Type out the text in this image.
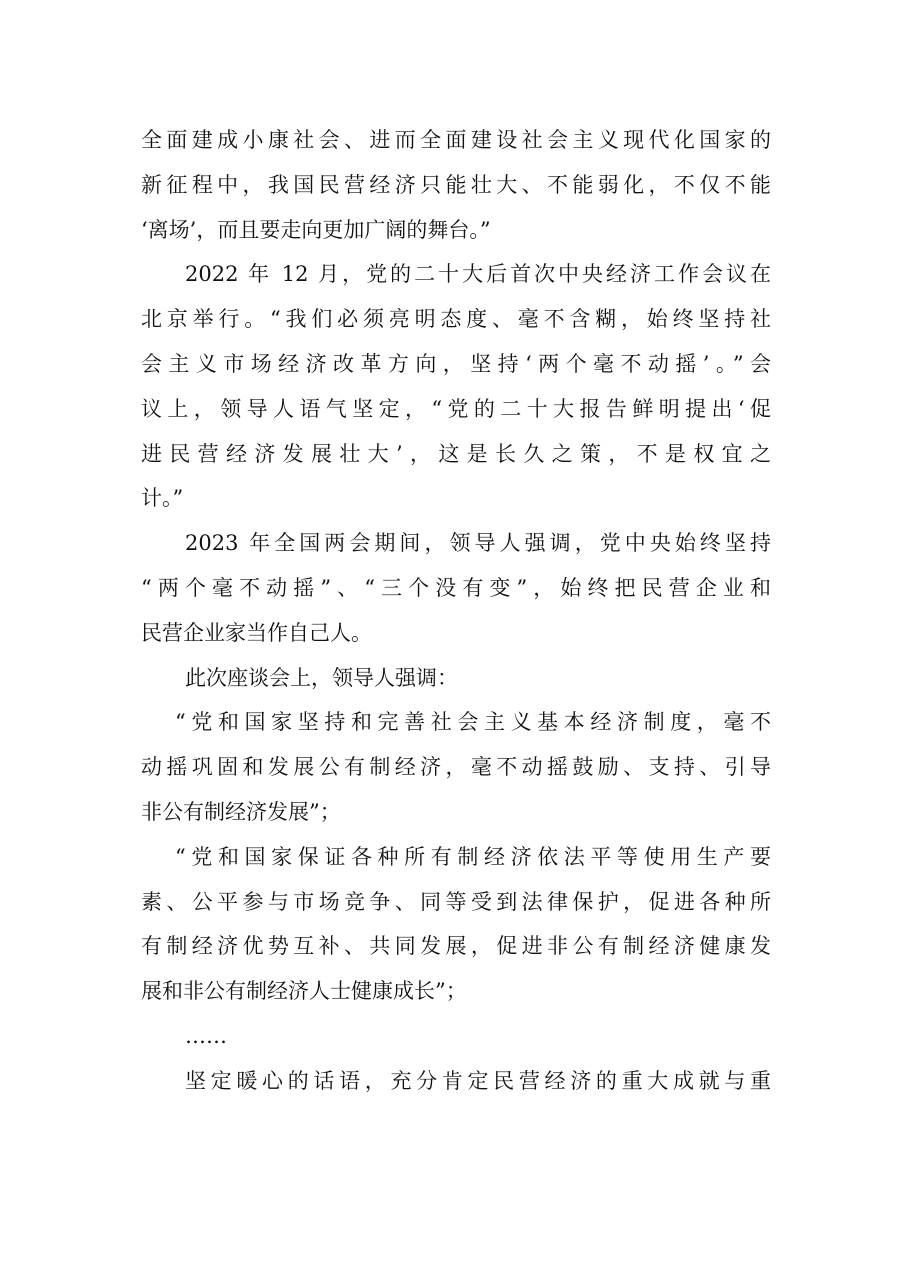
全面建成小康社会、进而全面建设社会主义现代化国家的
新征程中，我国民营经济只能壮大、不能弱化，不仅不能
‘离场’，而且要走向更加广阔的舞台。”
2022 年 12 月，党的二十大后首次中央经济工作会议在
北京举行。“我们必须亮明态度、毫不含糊，始终坚持社
会主义市场经济改革方向，坚持‘两个毫不动摇’。”会
议上，领导人语气坚定，“党的二十大报告鲜明提出‘促
进民营经济发展壮大’，这是长久之策，不是权宜之
计。”
2023 年全国两会期间，领导人强调，党中央始终坚持
“两个毫不动摇”、“三个没有变”，始终把民营企业和
民营企业家当作自己人。
此次座谈会上，领导人强调：
“党和国家坚持和完善社会主义基本经济制度，毫不
动摇巩固和发展公有制经济，毫不动摇鼓励、支持、引导
非公有制经济发展”；
“党和国家保证各种所有制经济依法平等使用生产要
素、公平参与市场竞争、同等受到法律保护，促进各种所
有制经济优势互补、共同发展，促进非公有制经济健康发
展和非公有制经济人士健康成长”；
……
坚定暖心的话语，充分肯定民营经济的重大成就与重
